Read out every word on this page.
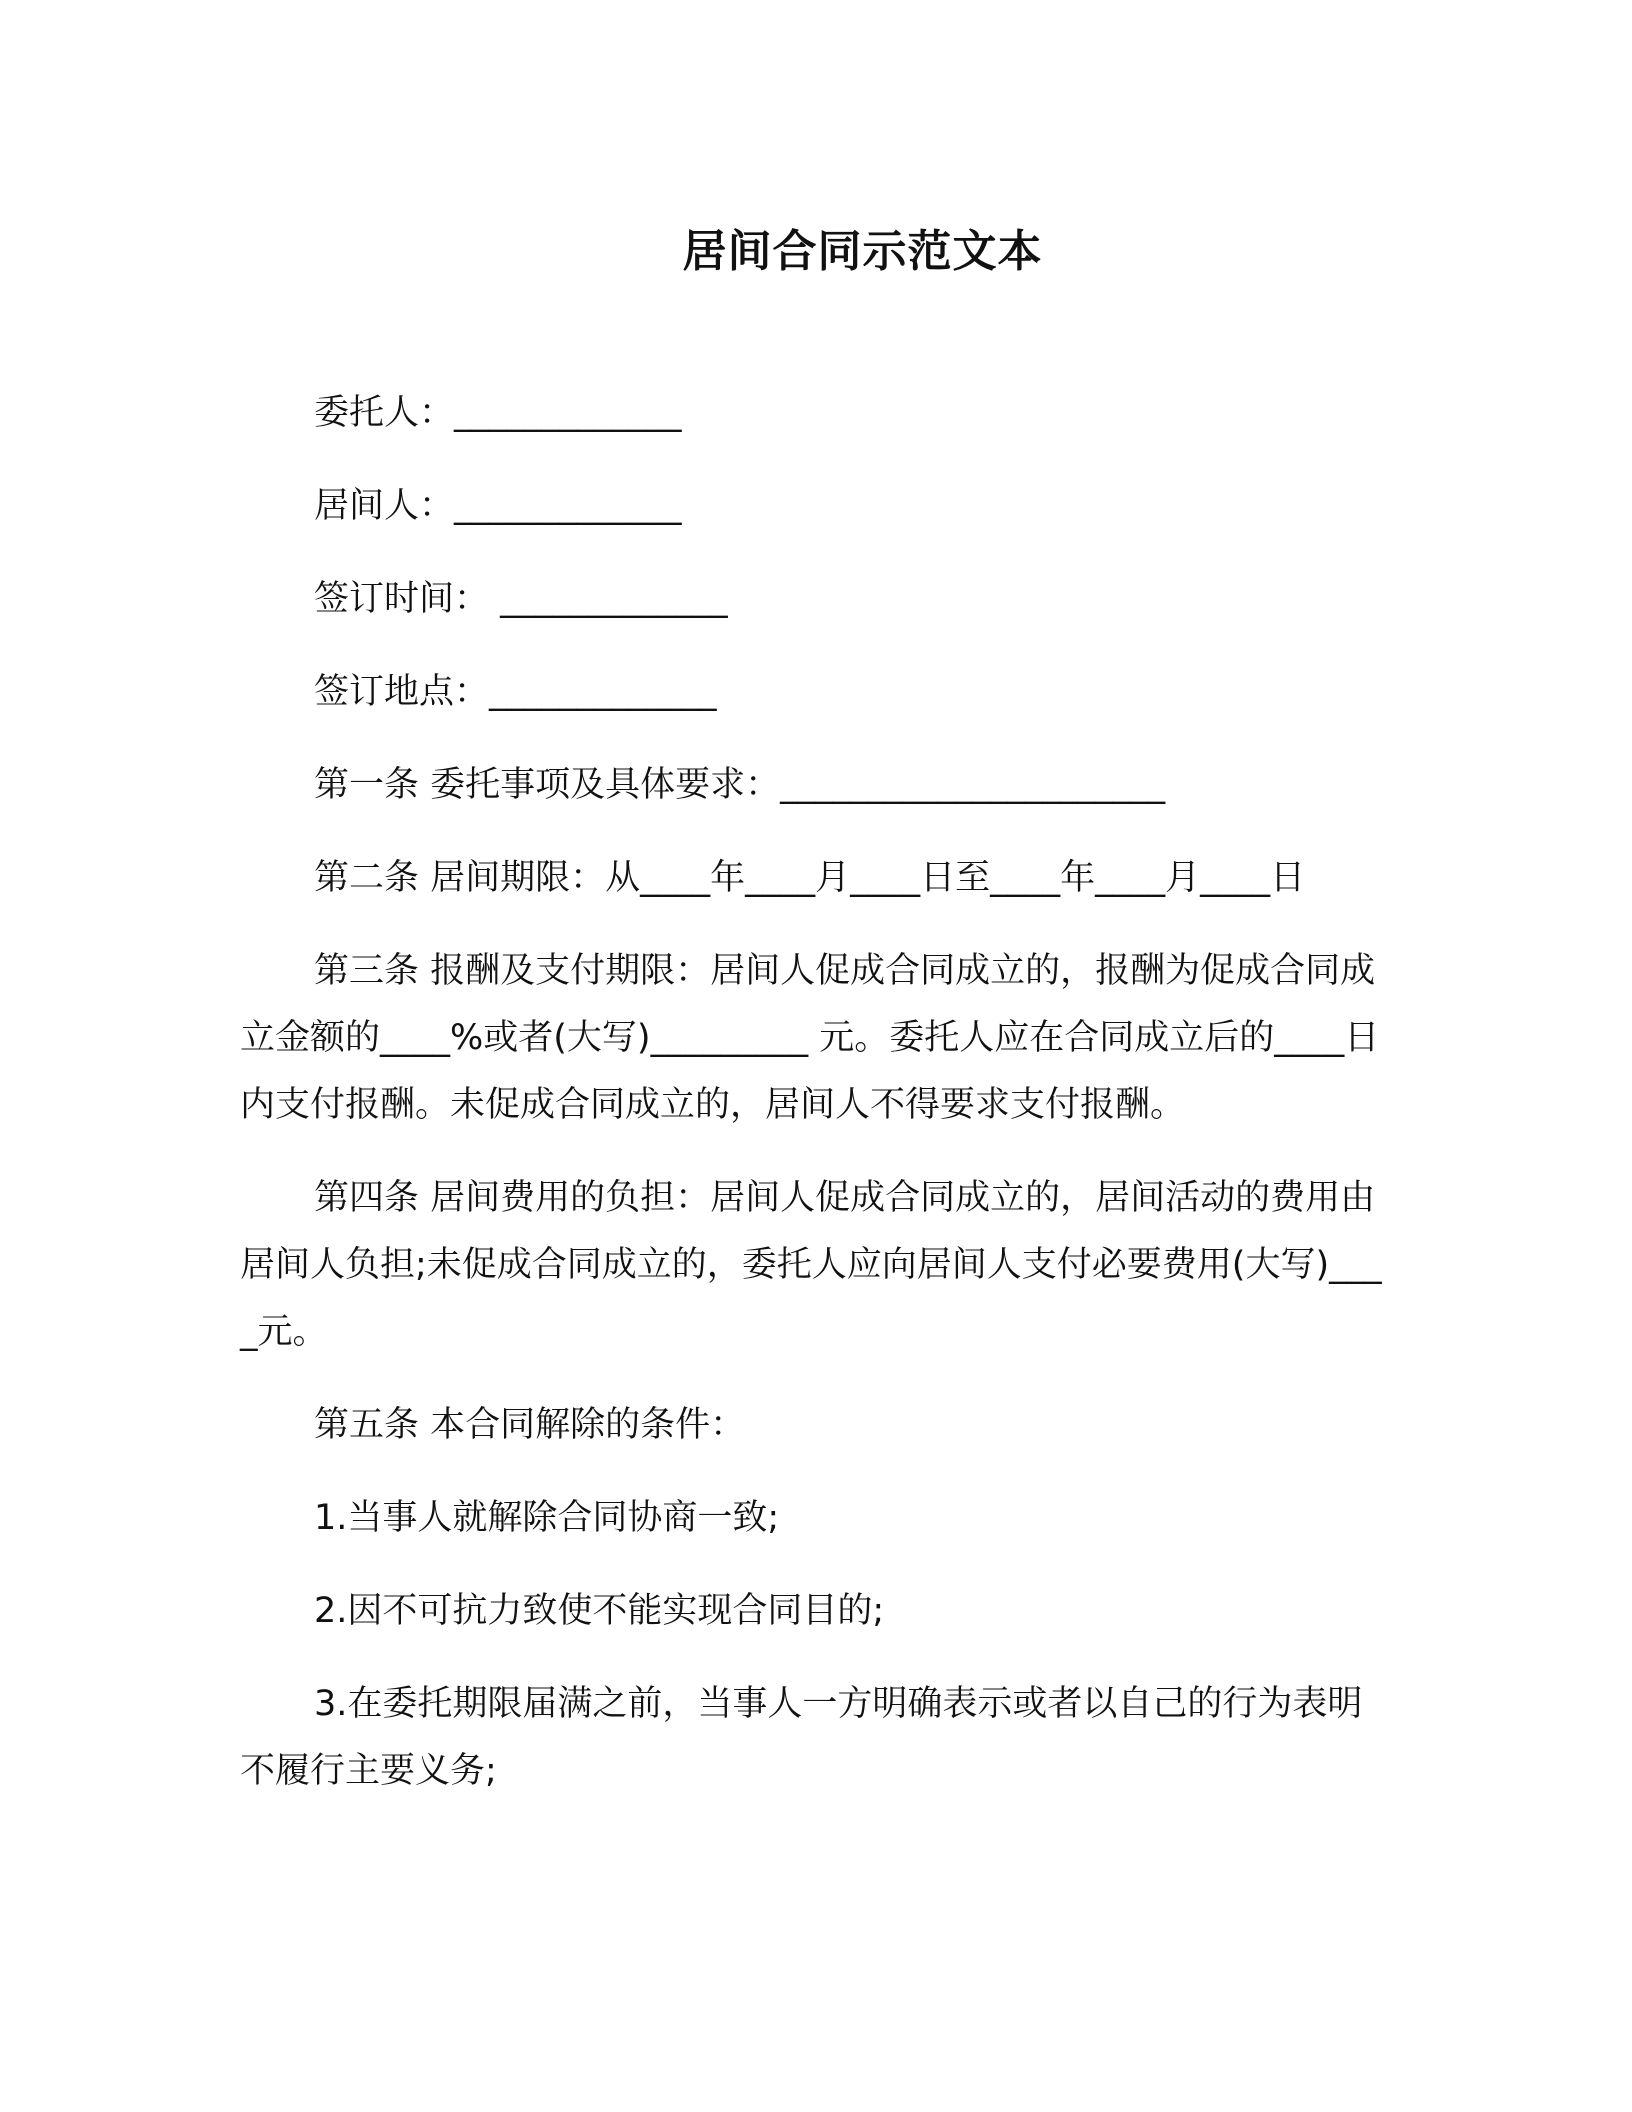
居间合同示范文本

委托人：_____________

居间人：_____________

签订时间： _____________

签订地点：_____________

第一条 委托事项及具体要求：______________________

第二条 居间期限：从____年____月____日至____年____月____日

第三条 报酬及支付期限：居间人促成合同成立的，报酬为促成合同成立金额的____%或者(大写)_________ 元。委托人应在合同成立后的____日内支付报酬。未促成合同成立的，居间人不得要求支付报酬。

第四条 居间费用的负担：居间人促成合同成立的，居间活动的费用由居间人负担;未促成合同成立的，委托人应向居间人支付必要费用(大写)____元。

第五条 本合同解除的条件：

1.当事人就解除合同协商一致;

2.因不可抗力致使不能实现合同目的;

3.在委托期限届满之前，当事人一方明确表示或者以自己的行为表明不履行主要义务;
